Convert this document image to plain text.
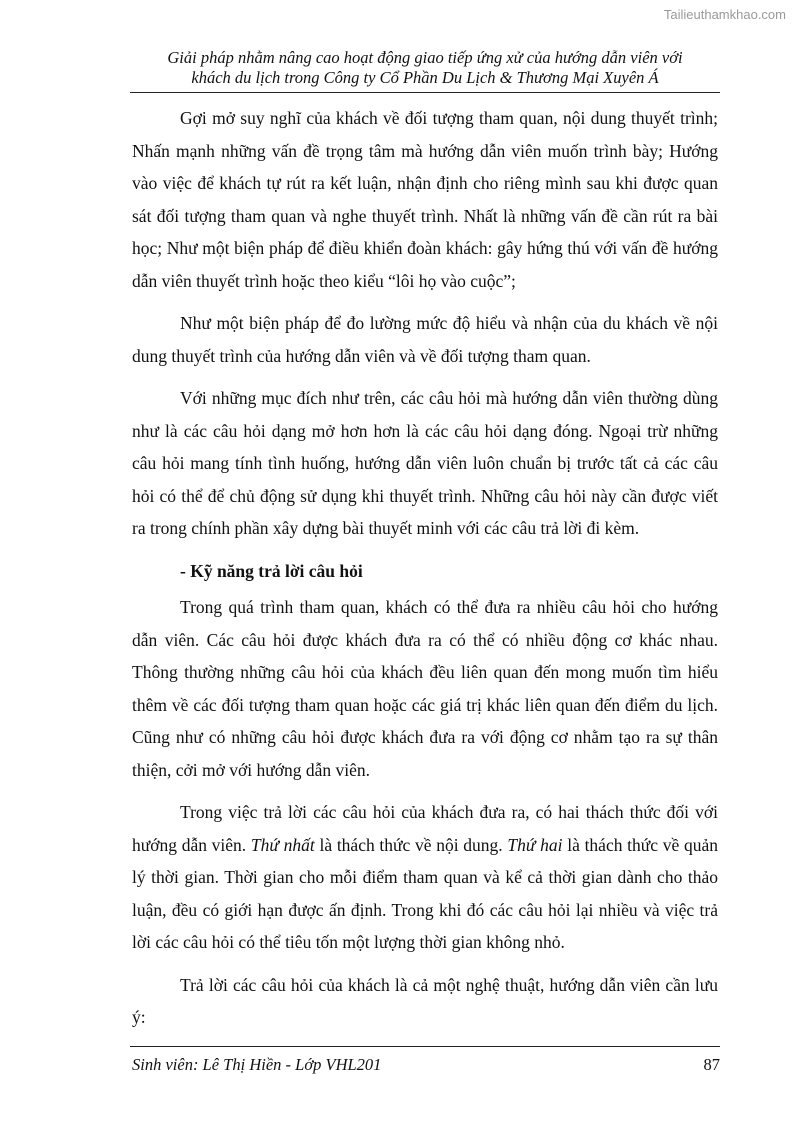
Tailieuthamkhao.com
Giải pháp nhằm nâng cao hoạt động giao tiếp ứng xử của hướng dẫn viên với
khách du lịch trong Công ty Cổ Phần Du Lịch & Thương Mại Xuyên Á

Gợi mở suy nghĩ của khách về đối tượng tham quan, nội dung thuyết trình; Nhấn mạnh những vấn đề trọng tâm mà hướng dẫn viên muốn trình bày; Hướng vào việc để khách tự rút ra kết luận, nhận định cho riêng mình sau khi được quan sát đối tượng tham quan và nghe thuyết trình. Nhất là những vấn đề cần rút ra bài học; Như một biện pháp để điều khiển đoàn khách: gây hứng thú với vấn đề hướng dẫn viên thuyết trình hoặc theo kiểu “lôi họ vào cuộc”;

Như một biện pháp để đo lường mức độ hiểu và nhận của du khách về nội dung thuyết trình của hướng dẫn viên và về đối tượng tham quan.

Với những mục đích như trên, các câu hỏi mà hướng dẫn viên thường dùng như là các câu hỏi dạng mở hơn hơn là các câu hỏi dạng đóng. Ngoại trừ những câu hỏi mang tính tình huống, hướng dẫn viên luôn chuẩn bị trước tất cả các câu hỏi có thể để chủ động sử dụng khi thuyết trình. Những câu hỏi này cần được viết ra trong chính phần xây dựng bài thuyết minh với các câu trả lời đi kèm.

- Kỹ năng trả lời câu hỏi

Trong quá trình tham quan, khách có thể đưa ra nhiều câu hỏi cho hướng dẫn viên. Các câu hỏi được khách đưa ra có thể có nhiều động cơ khác nhau. Thông thường những câu hỏi của khách đều liên quan đến mong muốn tìm hiểu thêm về các đối tượng tham quan hoặc các giá trị khác liên quan đến điểm du lịch. Cũng như có những câu hỏi được khách đưa ra với động cơ nhằm tạo ra sự thân thiện, cởi mở với hướng dẫn viên.

Trong việc trả lời các câu hỏi của khách đưa ra, có hai thách thức đối với hướng dẫn viên. Thứ nhất là thách thức về nội dung. Thứ hai là thách thức về quản lý thời gian. Thời gian cho mỗi điểm tham quan và kể cả thời gian dành cho thảo luận, đều có giới hạn được ấn định. Trong khi đó các câu hỏi lại nhiều và việc trả lời các câu hỏi có thể tiêu tốn một lượng thời gian không nhỏ.

Trả lời các câu hỏi của khách là cả một nghệ thuật, hướng dẫn viên cần lưu ý:

Sinh viên: Lê Thị Hiền - Lớp VHL201	87
